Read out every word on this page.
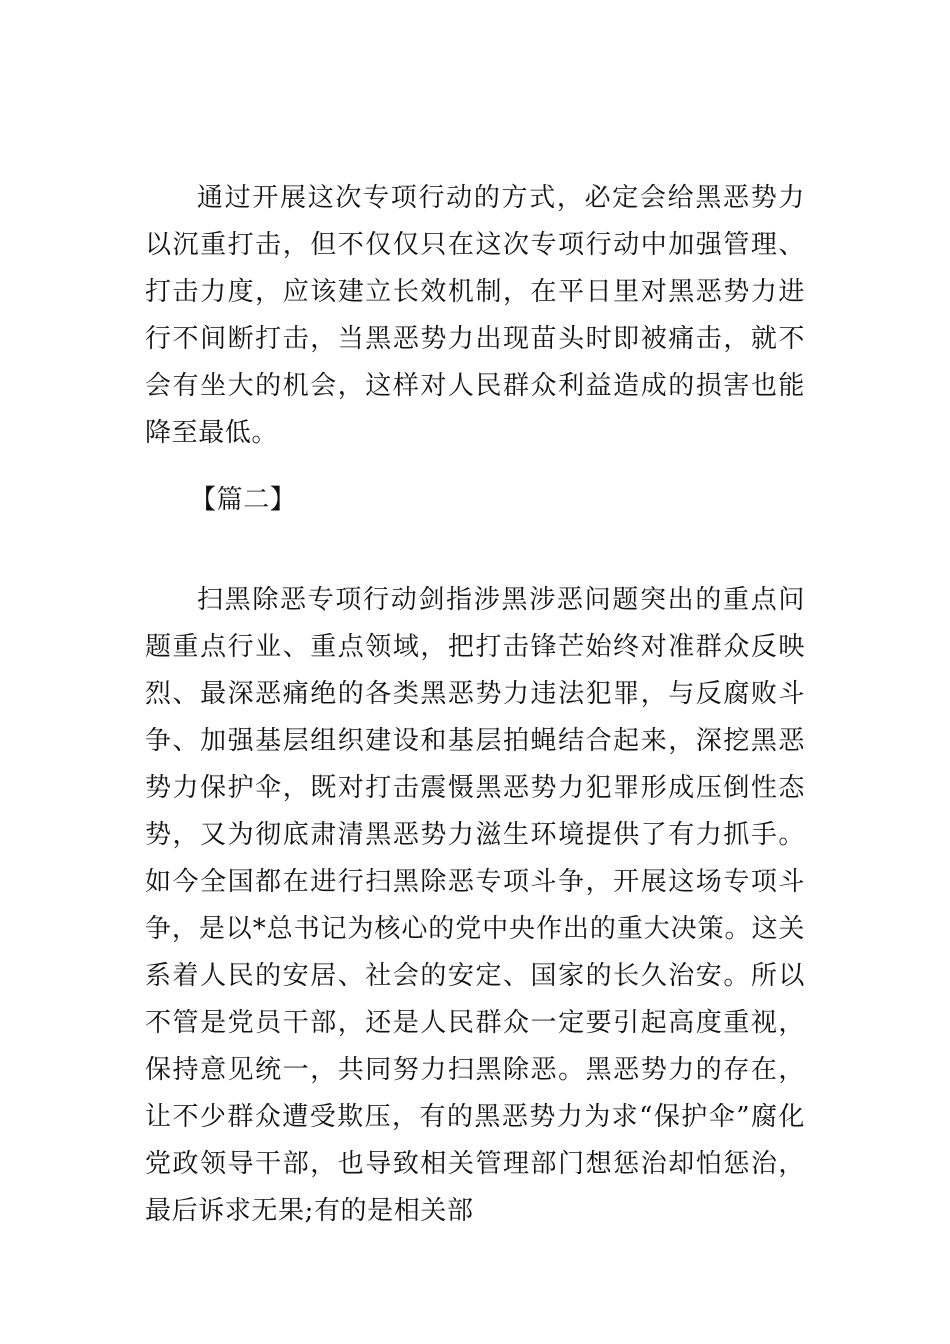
通过开展这次专项行动的方式，必定会给黑恶势力以沉重打击，但不仅仅只在这次专项行动中加强管理、打击力度，应该建立长效机制，在平日里对黑恶势力进行不间断打击，当黑恶势力出现苗头时即被痛击，就不会有坐大的机会，这样对人民群众利益造成的损害也能降至最低。

【篇二】

扫黑除恶专项行动剑指涉黑涉恶问题突出的重点问题重点行业、重点领域，把打击锋芒始终对准群众反映烈、最深恶痛绝的各类黑恶势力违法犯罪，与反腐败斗争、加强基层组织建设和基层拍蝇结合起来，深挖黑恶势力保护伞，既对打击震慑黑恶势力犯罪形成压倒性态势，又为彻底肃清黑恶势力滋生环境提供了有力抓手。如今全国都在进行扫黑除恶专项斗争，开展这场专项斗争，是以*总书记为核心的党中央作出的重大决策。这关系着人民的安居、社会的安定、国家的长久治安。所以不管是党员干部，还是人民群众一定要引起高度重视，保持意见统一，共同努力扫黑除恶。黑恶势力的存在，让不少群众遭受欺压，有的黑恶势力为求“保护伞”腐化党政领导干部，也导致相关管理部门想惩治却怕惩治，最后诉求无果;有的是相关部
